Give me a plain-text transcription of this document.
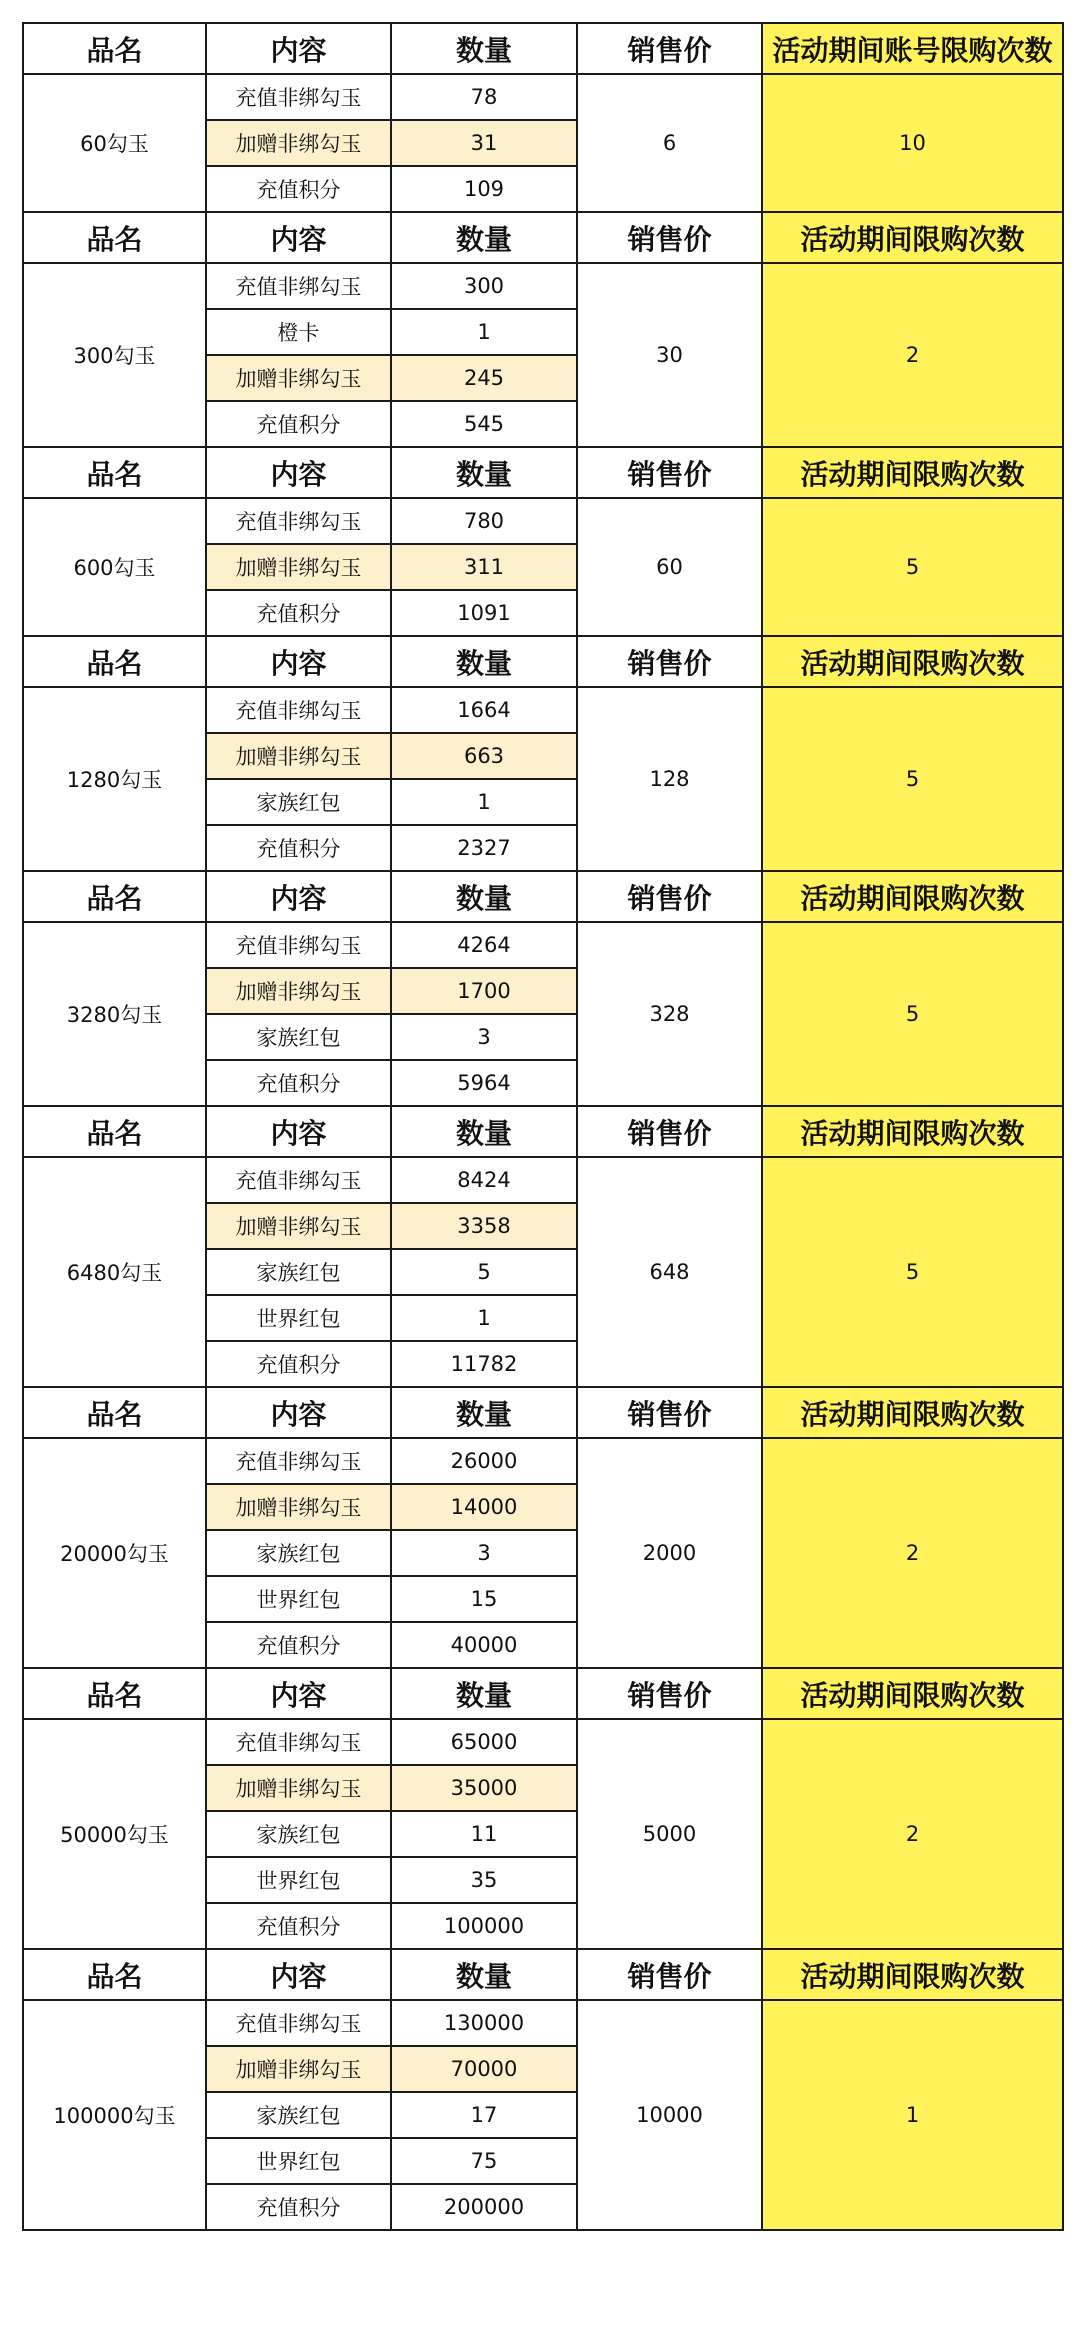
品名	内容	数量	销售价	活动期间账号限购次数
60勾玉	充值非绑勾玉	78	6	10
	加赠非绑勾玉	31		
	充值积分	109		
品名	内容	数量	销售价	活动期间限购次数
300勾玉	充值非绑勾玉	300	30	2
	橙卡	1		
	加赠非绑勾玉	245		
	充值积分	545		
品名	内容	数量	销售价	活动期间限购次数
600勾玉	充值非绑勾玉	780	60	5
	加赠非绑勾玉	311		
	充值积分	1091		
品名	内容	数量	销售价	活动期间限购次数
1280勾玉	充值非绑勾玉	1664	128	5
	加赠非绑勾玉	663		
	家族红包	1		
	充值积分	2327		
品名	内容	数量	销售价	活动期间限购次数
3280勾玉	充值非绑勾玉	4264	328	5
	加赠非绑勾玉	1700		
	家族红包	3		
	充值积分	5964		
品名	内容	数量	销售价	活动期间限购次数
6480勾玉	充值非绑勾玉	8424	648	5
	加赠非绑勾玉	3358		
	家族红包	5		
	世界红包	1		
	充值积分	11782		
品名	内容	数量	销售价	活动期间限购次数
20000勾玉	充值非绑勾玉	26000	2000	2
	加赠非绑勾玉	14000		
	家族红包	3		
	世界红包	15		
	充值积分	40000		
品名	内容	数量	销售价	活动期间限购次数
50000勾玉	充值非绑勾玉	65000	5000	2
	加赠非绑勾玉	35000		
	家族红包	11		
	世界红包	35		
	充值积分	100000		
品名	内容	数量	销售价	活动期间限购次数
100000勾玉	充值非绑勾玉	130000	10000	1
	加赠非绑勾玉	70000		
	家族红包	17		
	世界红包	75		
	充值积分	200000		
